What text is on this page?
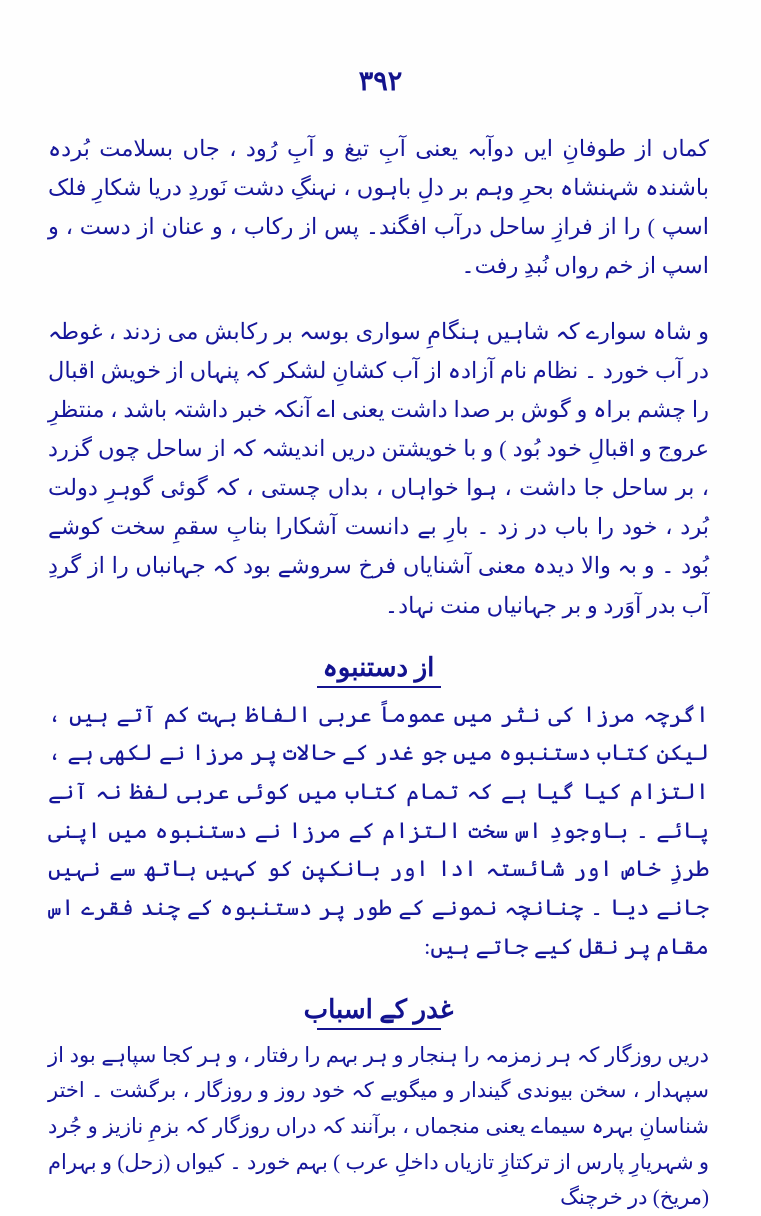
۳۹۲

کماں از طوفانِ ایں دوآبہ یعنی آبِ تیغ و آبِ رُود ، جاں بسلامت بُردہ باشندہ شہنشاہ بحرِ وہم بر دلِ باہوں ، نہنگِ دشت نَوردِ دریا شکارِ فلک اسپ ) را از فرازِ ساحل درآب افگند۔ پس از رکاب ، و عنان از دست ، و اسپ از خم رواں نُبدِ رفت۔

و شاہ سوارے کہ شاہیں ہنگامِ سواری بوسہ بر رکابش می زدند ، غوطہ در آب خورد ۔ نظام نام آزادہ از آب کشانِ لشکر کہ پنہاں از خویش اقبال را چشم براہ و گوش بر صدا داشت یعنی اے آنکہ خبر داشتہ باشد ، منتظرِ عروج و اقبالِ خود بُود ) و با خویشتن دریں اندیشہ کہ از ساحل چوں گزرد ، بر ساحل جا داشت ، ہوا خواہاں ، بداں چستی ، کہ گوئی گوہرِ دولت بُرد ، خود را باب در زد ۔ بارِ بے دانست آشکارا بنابِ سقمِ سخت کوشے بُود ۔ و بہ والا دیدہ معنی آشنایاں فرخ سروشے بود کہ جہانباں را از گردِ آب بدر آوَرد و بر جہانیاں منت نہاد۔

از دستنبوہ

اگرچہ مرزا کی نثر میں عموماً عربی الفاظ بہت کم آتے ہیں ، لیکن کتاب دستنبوہ میں جو غدر کے حالات پر مرزا نے لکھی ہے ، التزام کیا گیا ہے کہ تمام کتاب میں کوئی عربی لفظ نہ آنے پائے ۔ باوجودِ اس سخت التزام کے مرزا نے دستنبوہ میں اپنی طرزِ خاص اور شائستہ ادا اور بانکپن کو کہیں ہاتھ سے نہیں جانے دیا ۔ چنانچہ نمونے کے طور پر دستنبوہ کے چند فقرے اس مقام پر نقل کیے جاتے ہیں:

غدر کے اسباب

دریں روزگار کہ ہر زمزمہ را ہنجار و ہر بہم را رفتار ، و ہر کجا سپاہے بود از سپہدار ، سخن بیوندی گیندار و میگویے کہ خود روز و روزگار ، برگشت ۔ اختر شناسانِ بہرہ سیماے یعنی منجماں ، برآنند کہ دراں روزگار کہ بزمِ نازیز و جُرد و شہریارِ پارس از ترکتازِ تازیاں داخلِ عرب ) بہم خورد ۔ کیواں (زحل) و بہرام (مریخ) در خرچنگ
